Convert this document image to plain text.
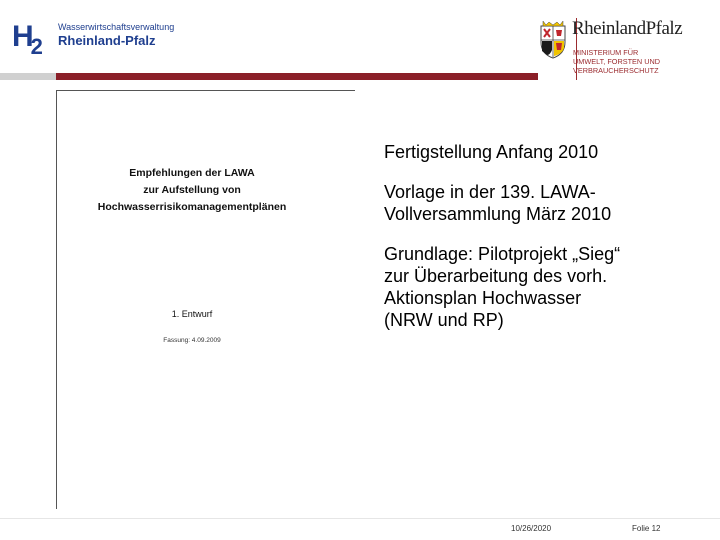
$H_2$
Wasserwirtschaftsverwaltung
Rheinland-Pfalz
RheinlandPfalz
MINISTERIUM FÜR
UMWELT, FORSTEN UND
VERBRAUCHERSCHUTZ
Empfehlungen der LAWA
zur Aufstellung von
Hochwasserrisikomanagementplänen
1. Entwurf
Fassung: 4.09.2009

Fertigstellung Anfang 2010

Vorlage in der 139. LAWA-
Vollversammlung März 2010

Grundlage: Pilotprojekt „Sieg“
zur Überarbeitung des vorh.
Aktionsplan Hochwasser
(NRW und RP)

10/26/2020	Folie 12
